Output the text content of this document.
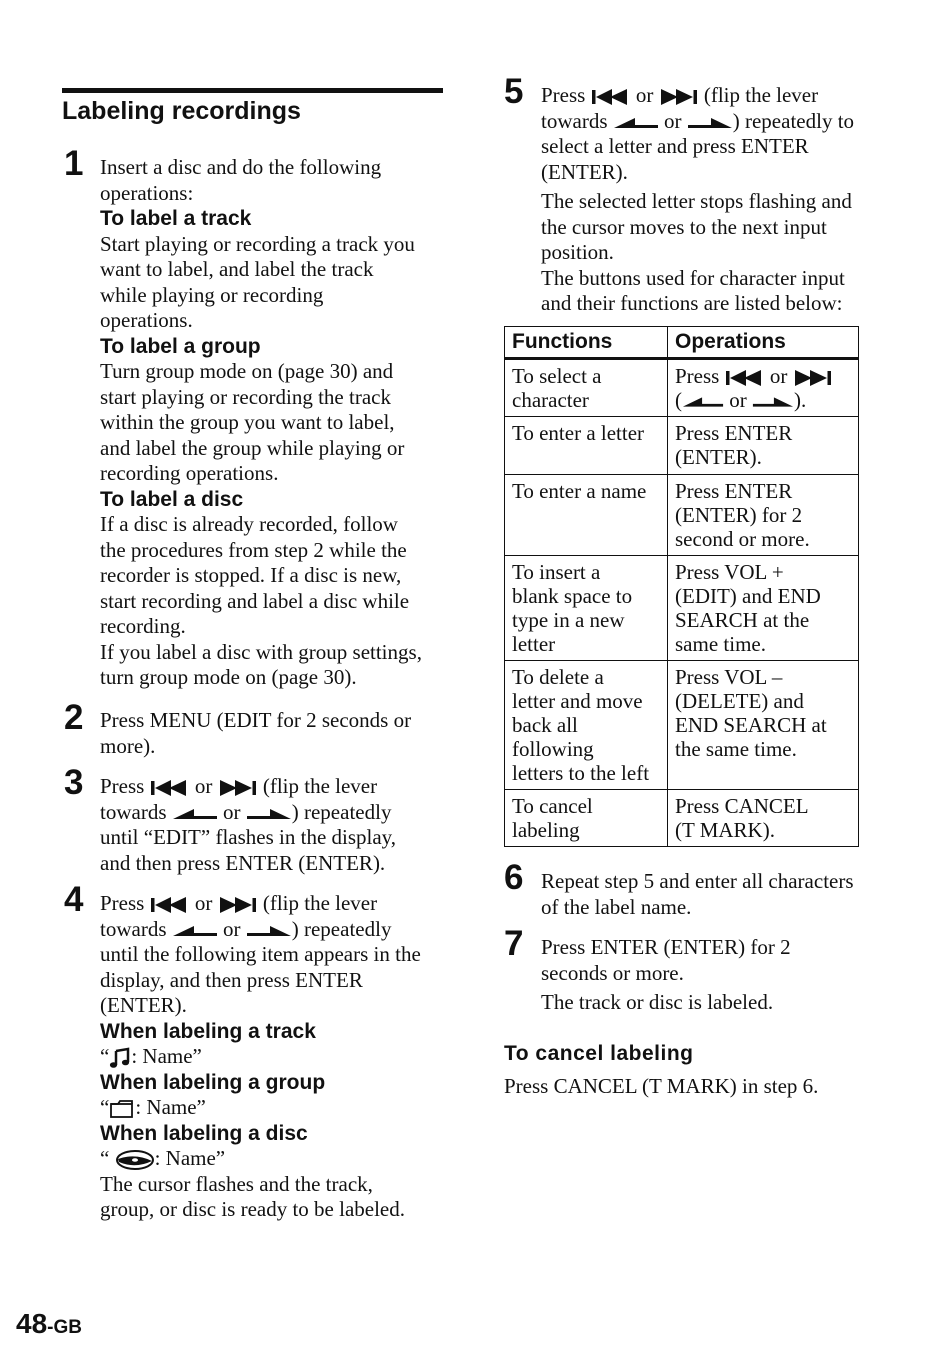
Labeling recordings
1 Insert a disc and do the following
operations:
To label a track
Start playing or recording a track you
want to label, and label the track
while playing or recording
operations.
To label a group
Turn group mode on (page 30) and
start playing or recording the track
within the group you want to label,
and label the group while playing or
recording operations.
To label a disc
If a disc is already recorded, follow
the procedures from step 2 while the
recorder is stopped. If a disc is new,
start recording and label a disc while
recording.
If you label a disc with group settings,
turn group mode on (page 30).
2 Press MENU (EDIT for 2 seconds or
more).
3 Press or (flip the lever
towards	or ) repeatedly
until “EDIT” flashes in the display,
and then press ENTER (ENTER).
4 Press or (flip the lever
towards	or ) repeatedly
until the following item appears in the
display, and then press ENTER
(ENTER).
When labeling a track
“ : Name”
When labeling a group
“ : Name”
When labeling a disc
“ : Name”
The cursor flashes and the track,
group, or disc is ready to be labeled.
5 Press or (flip the lever
towards	or ) repeatedly to
select a letter and press ENTER
(ENTER).
The selected letter stops flashing and
the cursor moves to the next input
position.
The buttons used for character input
and their functions are listed below:
Functions	Operations
To select a
character	Press or
( or ).
To enter a letter	Press ENTER
(ENTER).
To enter a name	Press ENTER
(ENTER) for 2
second or more.
To insert a
blank space to
type in a new
letter	Press VOL +
(EDIT) and END
SEARCH at the
same time.
To delete a
letter and move
back all
following
letters to the left	Press VOL –
(DELETE) and
END SEARCH at
the same time.
To cancel
labeling	Press CANCEL
(T MARK).
6 Repeat step 5 and enter all characters
of the label name.
7 Press ENTER (ENTER) for 2
seconds or more.
The track or disc is labeled.
To cancel labeling
Press CANCEL (T MARK) in step 6.
48-GB
